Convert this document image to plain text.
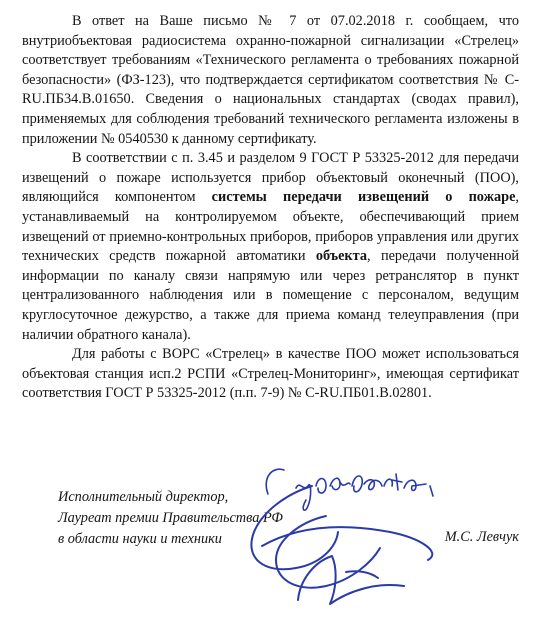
В ответ на Ваше письмо № 7 от 07.02.2018 г. сообщаем, что внутриобъектовая радиосистема охранно-пожарной сигнализации «Стрелец» соответствует требованиям «Технического регламента о требованиях пожарной безопасности» (ФЗ-123), что подтверждается сертификатом соответствия № C-RU.ПБ34.В.01650. Сведения о национальных стандартах (сводах правил), применяемых для соблюдения требований технического регламента изложены в приложении № 0540530 к данному сертификату.

В соответствии с п. 3.45 и разделом 9 ГОСТ Р 53325-2012 для передачи извещений о пожаре используется прибор объектовый оконечный (ПОО), являющийся компонентом системы передачи извещений о пожаре, устанавливаемый на контролируемом объекте, обеспечивающий прием извещений от приемно-контрольных приборов, приборов управления или других технических средств пожарной автоматики объекта, передачи полученной информации по каналу связи напрямую или через ретранслятор в пункт централизованного наблюдения или в помещение с персоналом, ведущим круглосуточное дежурство, а также для приема команд телеуправления (при наличии обратного канала).

Для работы с ВОРС «Стрелец» в качестве ПОО может использоваться объектовая станция исп.2 РСПИ «Стрелец-Мониторинг», имеющая сертификат соответствия ГОСТ Р 53325-2012 (п.п. 7-9) № C-RU.ПБ01.В.02801.

Исполнительный директор,
Лауреат премии Правительства РФ
в области науки и техники	М.С. Левчук
